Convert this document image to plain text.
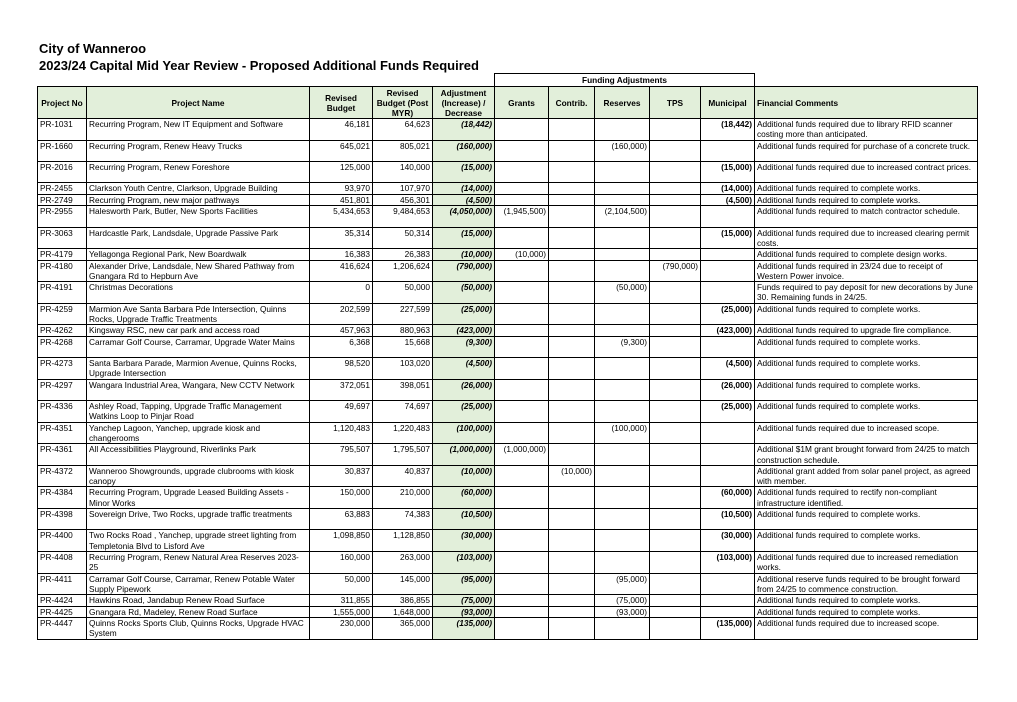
City of Wanneroo
2023/24 Capital Mid Year Review - Proposed Additional Funds Required
					Funding Adjustments					
Project No	Project Name	Revised Budget	Revised Budget (Post MYR)	Adjustment (Increase) / Decrease	Grants	Contrib.	Reserves	TPS	Municipal	Financial Comments
PR-1031	Recurring Program, New IT Equipment and Software	46,181	64,623	(18,442)					(18,442)	Additional funds required due to library RFID scanner costing more than anticipated.
PR-1660	Recurring Program, Renew Heavy Trucks	645,021	805,021	(160,000)			(160,000)			Additional funds required for purchase of a concrete truck.
PR-2016	Recurring Program, Renew Foreshore	125,000	140,000	(15,000)					(15,000)	Additional funds required due to increased contract prices.
PR-2455	Clarkson Youth Centre, Clarkson, Upgrade Building	93,970	107,970	(14,000)					(14,000)	Additional funds required to complete works.
PR-2749	Recurring Program, new major pathways	451,801	456,301	(4,500)					(4,500)	Additional funds required to complete works.
PR-2955	Halesworth Park, Butler, New Sports Facilities	5,434,653	9,484,653	(4,050,000)	(1,945,500)		(2,104,500)			Additional funds required to match contractor schedule.
PR-3063	Hardcastle Park, Landsdale, Upgrade Passive Park	35,314	50,314	(15,000)					(15,000)	Additional funds required due to increased clearing permit costs.
PR-4179	Yellagonga Regional Park, New Boardwalk	16,383	26,383	(10,000)	(10,000)					Additional funds required to complete design works.
PR-4180	Alexander Drive, Landsdale, New Shared Pathway from Gnangara Rd to Hepburn Ave	416,624	1,206,624	(790,000)				(790,000)		Additional funds required in 23/24 due to receipt of Western Power invoice.
PR-4191	Christmas Decorations	0	50,000	(50,000)			(50,000)			Funds required to pay deposit for new decorations by June 30. Remaining funds in 24/25.
PR-4259	Marmion Ave Santa Barbara Pde Intersection, Quinns Rocks, Upgrade Traffic Treatments	202,599	227,599	(25,000)					(25,000)	Additional funds required to complete works.
PR-4262	Kingsway RSC, new car park and access road	457,963	880,963	(423,000)					(423,000)	Additional funds required to upgrade fire compliance.
PR-4268	Carramar Golf Course, Carramar, Upgrade Water Mains	6,368	15,668	(9,300)			(9,300)			Additional funds required to complete works.
PR-4273	Santa Barbara Parade, Marmion Avenue, Quinns Rocks, Upgrade Intersection	98,520	103,020	(4,500)					(4,500)	Additional funds required to complete works.
PR-4297	Wangara Industrial Area, Wangara, New CCTV Network	372,051	398,051	(26,000)					(26,000)	Additional funds required to complete works.
PR-4336	Ashley Road, Tapping, Upgrade Traffic Management Watkins Loop to Pinjar Road	49,697	74,697	(25,000)					(25,000)	Additional funds required to complete works.
PR-4351	Yanchep Lagoon, Yanchep, upgrade kiosk and changerooms	1,120,483	1,220,483	(100,000)			(100,000)			Additional funds required due to increased scope.
PR-4361	All Accessibilities Playground, Riverlinks Park	795,507	1,795,507	(1,000,000)	(1,000,000)					Additional $1M grant brought forward from 24/25 to match construction schedule.
PR-4372	Wanneroo Showgrounds, upgrade clubrooms with kiosk canopy	30,837	40,837	(10,000)		(10,000)				Additional grant added from solar panel project, as agreed with member.
PR-4384	Recurring Program, Upgrade Leased Building Assets - Minor Works	150,000	210,000	(60,000)					(60,000)	Additional funds required to rectify non-compliant infrastructure identified.
PR-4398	Sovereign Drive, Two Rocks, upgrade traffic treatments	63,883	74,383	(10,500)					(10,500)	Additional funds required to complete works.
PR-4400	Two Rocks Road , Yanchep, upgrade street lighting from Templetonia Blvd to Lisford Ave	1,098,850	1,128,850	(30,000)					(30,000)	Additional funds required to complete works.
PR-4408	Recurring Program, Renew Natural Area Reserves 2023-25	160,000	263,000	(103,000)					(103,000)	Additional funds required due to increased remediation works.
PR-4411	Carramar Golf Course, Carramar, Renew Potable Water Supply Pipework	50,000	145,000	(95,000)			(95,000)			Additional reserve funds required to be brought forward from 24/25 to commence construction.
PR-4424	Hawkins Road, Jandabup Renew Road Surface	311,855	386,855	(75,000)			(75,000)			Additional funds required to complete works.
PR-4425	Gnangara Rd, Madeley, Renew Road Surface	1,555,000	1,648,000	(93,000)			(93,000)			Additional funds required to complete works.
PR-4447	Quinns Rocks Sports Club, Quinns Rocks, Upgrade HVAC System	230,000	365,000	(135,000)					(135,000)	Additional funds required due to increased scope.
